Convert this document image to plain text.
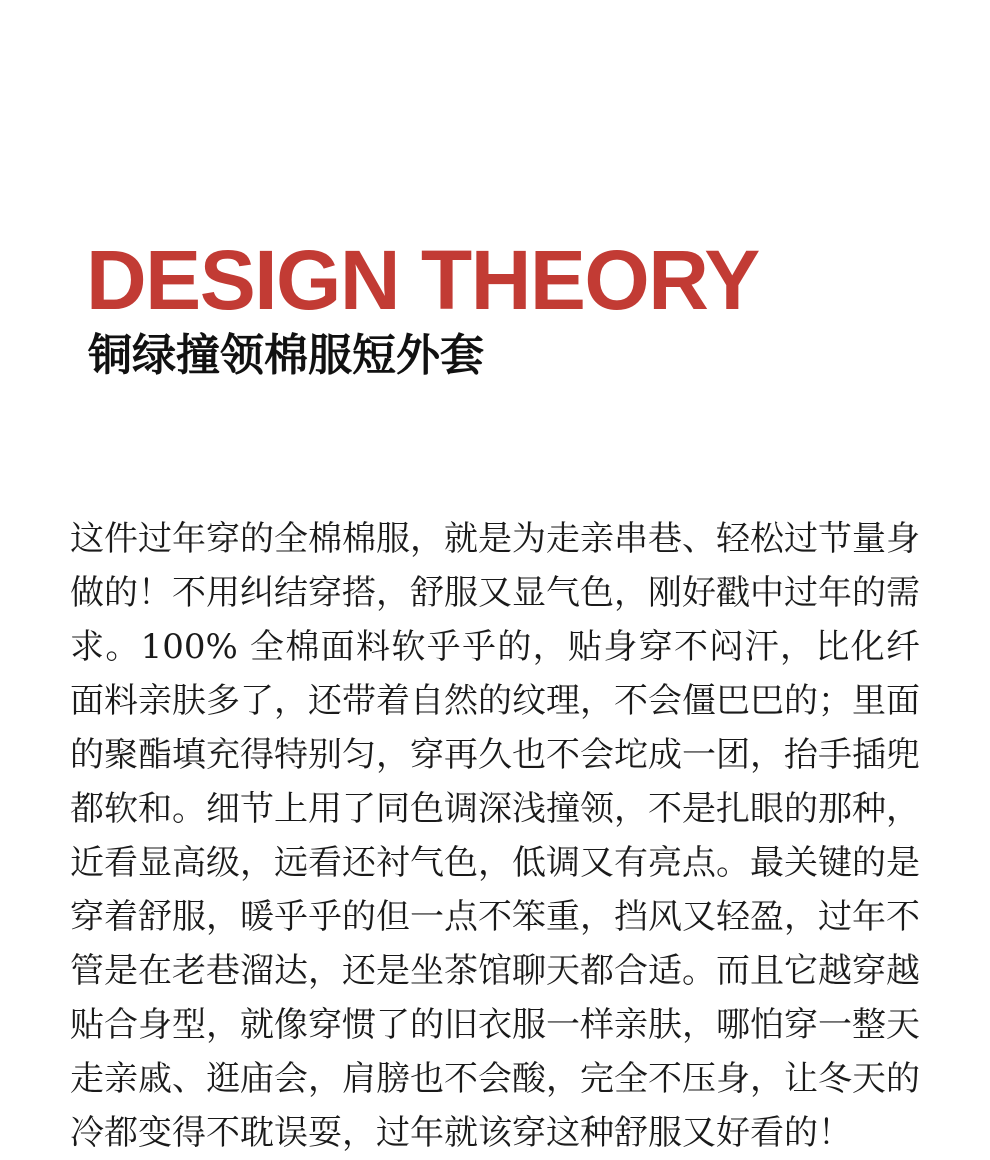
DESIGN THEORY
铜绿撞领棉服短外套

这件过年穿的全棉棉服，就是为走亲串巷、轻松过节量身做的！不用纠结穿搭，舒服又显气色，刚好戳中过年的需求。100% 全棉面料软乎乎的，贴身穿不闷汗，比化纤面料亲肤多了，还带着自然的纹理，不会僵巴巴的；里面的聚酯填充得特别匀，穿再久也不会坨成一团，抬手插兜都软和。细节上用了同色调深浅撞领，不是扎眼的那种，近看显高级，远看还衬气色，低调又有亮点。最关键的是穿着舒服，暖乎乎的但一点不笨重，挡风又轻盈，过年不管是在老巷溜达，还是坐茶馆聊天都合适。而且它越穿越贴合身型，就像穿惯了的旧衣服一样亲肤，哪怕穿一整天走亲戚、逛庙会，肩膀也不会酸，完全不压身，让冬天的冷都变得不耽误耍，过年就该穿这种舒服又好看的！
